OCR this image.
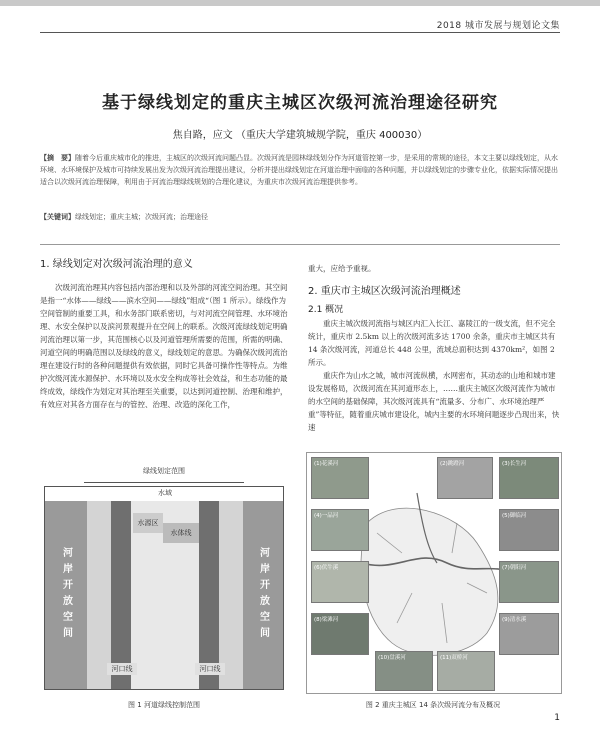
2018 城市发展与规划论文集
基于绿线划定的重庆主城区次级河流治理途径研究
焦自路，应文 （重庆大学建筑城规学院，重庆 400030）
【摘　要】随着今后重庆城市化的推进，主城区的次级河流问题凸显。次级河流是园林绿线划分作为河道管控第一步，是采用的常规的途径，本文主要以绿线划定，从水环境、水环境保护及城市可持续发展出发为次级河流治理提出建议，分析并提出绿线划定在河道治理中面临的各种问题，并以绿线划定的步骤专业化，依据实际情况提出适合以次级河流治理保障，利用由于河流治理绿线规划的合理化建议，为重庆市次级河流治理提供参考。
【关键词】绿线划定；重庆主城；次级河流；治理途径
1. 绿线划定对次级河流治理的意义

次级河流治理其内容包括内部治理和以及外部的河流空间治理。其空间是指一“水体——绿线——滨水空间——绿线”组成“（图 1 所示）。绿线作为空间管制的重要工具，和水务部门联系密切，与对河流空间管理、水环境治理、水安全保护以及滨河景观提升在空间上的联系。次级河流绿线划定明确河流治理以第一步，其范围核心以及河道管理所需要的范围，所需的明确、河道空间的明确范围以及绿线的意义，绿线划定的意思。为确保次级河流治理在建设行时的各种问题提供有效依据，同时它具备可操作性等特点。为维护次级河流水源保护、水环境以及水安全构成等社会效益，和生态功能的最终成效，绿线作为划定对其治理至关重要，以达到河道控制、治理和维护，有效应对其各方面存在与的管控、治理、改造的深化工作，

重大，应给予重视。
2. 重庆市主城区次级河流治理概述
2.1 概况

重庆主城次级河流指与城区内汇入长江、嘉陵江的一级支流，但不完全统计，重庆市 2.5km 以上的次级河流多达 1700 余条，重庆市主城区共有 14 条次级河流，河道总长 448 公里，流域总面积达到 4370km²，如图 2 所示。

重庆作为山水之城，城市河流纵横，水网密布，其动态的山地和城市建设发展格局，次级河流在其河道形态上，……重庆主城区次级河流作为城市的水空间的基础保障，其次级河流具有“流量多、分布广、水环境治理严重”等特征，随着重庆城市建设化，城内主要的水环境问题逐步凸现出来，快速

绿线划定范围
水域
河岸开放空间
水源区
水体线
河岸开放空间
河口线	河口线
图 1 河道绿线控制范围
(1)花溪河	(2)跳蹬河	(3)长生河
(4)一品河	(5)御临河
(6)伏牛溪	(7)朝阳河
(8)梁滩河	(9)清水溪
(10)盘溪河	(11)双桥河
图 2 重庆主城区 14 条次级河流分布及概况
1
